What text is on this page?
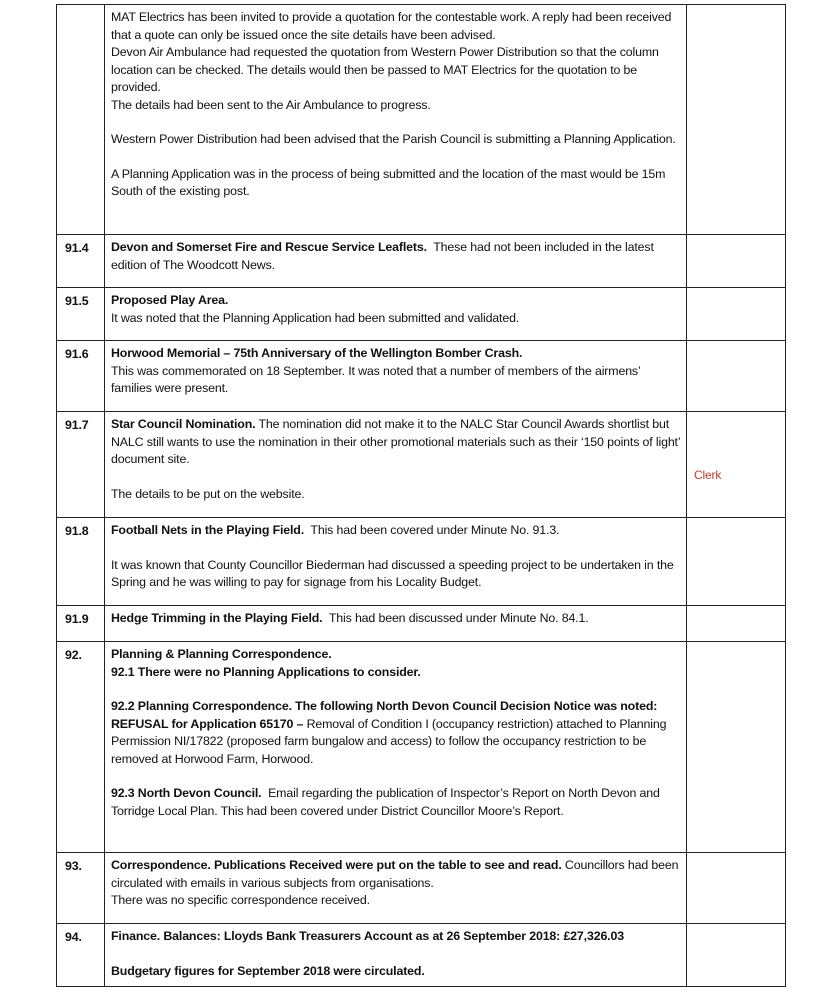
	MAT Electrics has been invited to provide a quotation for the contestable work. A reply had been received that a quote can only be issued once the site details have been advised.

Devon Air Ambulance had requested the quotation from Western Power Distribution so that the column location can be checked. The details would then be passed to MAT Electrics for the quotation to be provided.

The details had been sent to the Air Ambulance to progress.

Western Power Distribution had been advised that the Parish Council is submitting a Planning Application.

A Planning Application was in the process of being submitted and the location of the mast would be 15m South of the existing post.	

91.4	Devon and Somerset Fire and Rescue Service Leaflets. These had not been included in the latest edition of The Woodcott News.	

91.5	Proposed Play Area.

It was noted that the Planning Application had been submitted and validated.	

91.6	Horwood Memorial – 75th Anniversary of the Wellington Bomber Crash.

This was commemorated on 18 September. It was noted that a number of members of the airmens’ families were present.	

91.7	Star Council Nomination. The nomination did not make it to the NALC Star Council Awards shortlist but NALC still wants to use the nomination in their other promotional materials such as their ‘150 points of light’ document site.

The details to be put on the website.	Clerk

91.8	Football Nets in the Playing Field. This had been covered under Minute No. 91.3.

It was known that County Councillor Biederman had discussed a speeding project to be undertaken in the Spring and he was willing to pay for signage from his Locality Budget.	

91.9	Hedge Trimming in the Playing Field. This had been discussed under Minute No. 84.1.	

92.	Planning & Planning Correspondence.

92.1 There were no Planning Applications to consider.

92.2 Planning Correspondence. The following North Devon Council Decision Notice was noted:

REFUSAL for Application 65170 – Removal of Condition I (occupancy restriction) attached to Planning Permission NI/17822 (proposed farm bungalow and access) to follow the occupancy restriction to be removed at Horwood Farm, Horwood.

92.3 North Devon Council. Email regarding the publication of Inspector’s Report on North Devon and Torridge Local Plan. This had been covered under District Councillor Moore’s Report.	

93.	Correspondence. Publications Received were put on the table to see and read. Councillors had been circulated with emails in various subjects from organisations.

There was no specific correspondence received.	

94.	Finance. Balances: Lloyds Bank Treasurers Account as at 26 September 2018: £27,326.03

Budgetary figures for September 2018 were circulated.	
